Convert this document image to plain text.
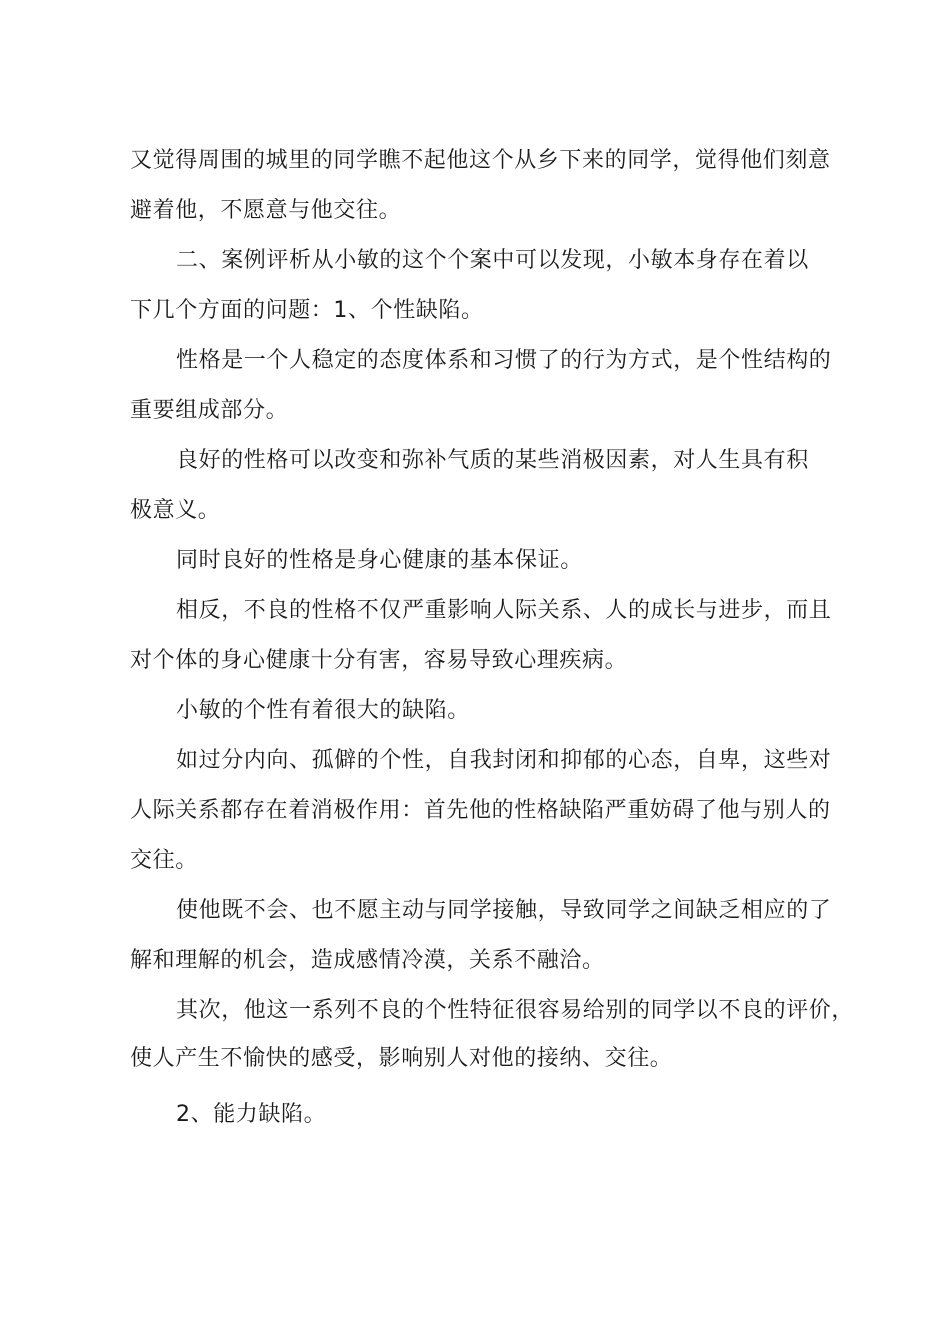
又觉得周围的城里的同学瞧不起他这个从乡下来的同学，觉得他们刻意
避着他，不愿意与他交往。
二、案例评析从小敏的这个个案中可以发现，小敏本身存在着以
下几个方面的问题：1、个性缺陷。
性格是一个人稳定的态度体系和习惯了的行为方式，是个性结构的
重要组成部分。
良好的性格可以改变和弥补气质的某些消极因素，对人生具有积
极意义。
同时良好的性格是身心健康的基本保证。
相反，不良的性格不仅严重影响人际关系、人的成长与进步，而且
对个体的身心健康十分有害，容易导致心理疾病。
小敏的个性有着很大的缺陷。
如过分内向、孤僻的个性，自我封闭和抑郁的心态，自卑，这些对
人际关系都存在着消极作用：首先他的性格缺陷严重妨碍了他与别人的
交往。
使他既不会、也不愿主动与同学接触，导致同学之间缺乏相应的了
解和理解的机会，造成感情冷漠，关系不融洽。
其次，他这一系列不良的个性特征很容易给别的同学以不良的评价，
使人产生不愉快的感受，影响别人对他的接纳、交往。
2、能力缺陷。
